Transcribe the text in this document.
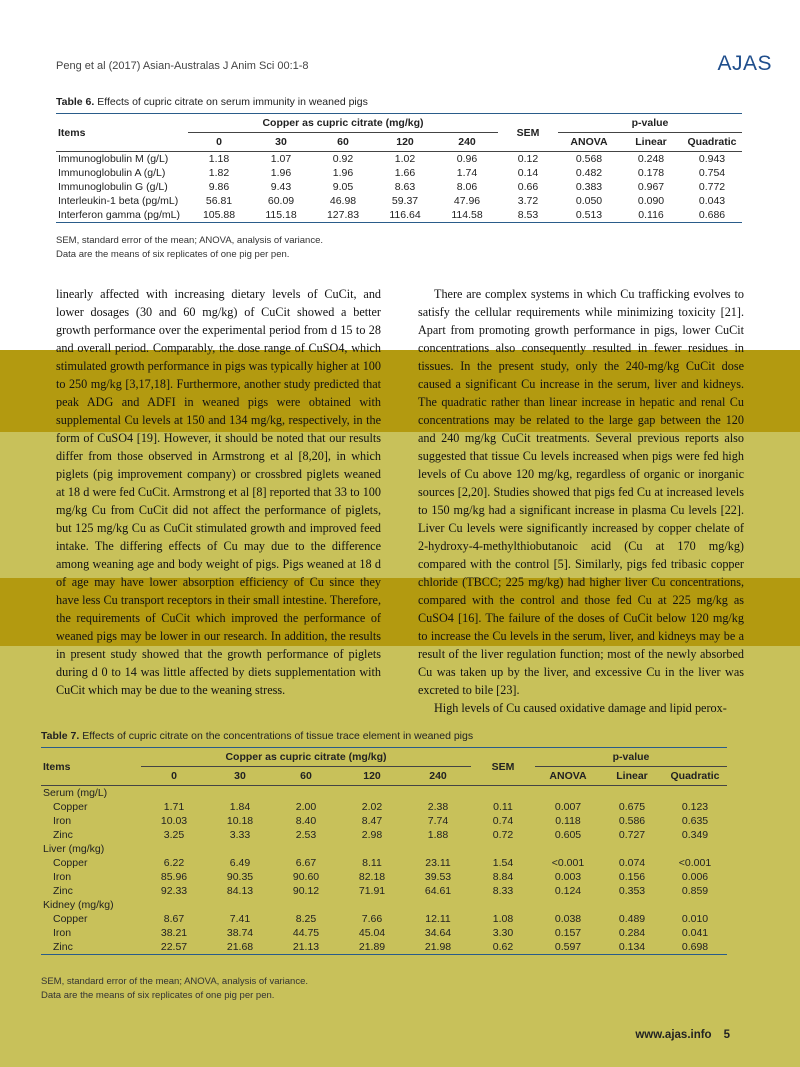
Peng et al (2017) Asian-Australas J Anim Sci 00:1-8	AJAS
Table 6. Effects of cupric citrate on serum immunity in weaned pigs
Items	Copper as cupric citrate (mg/kg)					SEM	p-value		
	0	30	60	120	240		ANOVA	Linear	Quadratic
Immunoglobulin M (g/L)	1.18	1.07	0.92	1.02	0.96	0.12	0.568	0.248	0.943
Immunoglobulin A (g/L)	1.82	1.96	1.96	1.66	1.74	0.14	0.482	0.178	0.754
Immunoglobulin G (g/L)	9.86	9.43	9.05	8.63	8.06	0.66	0.383	0.967	0.772
Interleukin-1 beta (pg/mL)	56.81	60.09	46.98	59.37	47.96	3.72	0.050	0.090	0.043
Interferon gamma (pg/mL)	105.88	115.18	127.83	116.64	114.58	8.53	0.513	0.116	0.686
SEM, standard error of the mean; ANOVA, analysis of variance.
Data are the means of six replicates of one pig per pen.

linearly affected with increasing dietary levels of CuCit, and lower dosages (30 and 60 mg/kg) of CuCit showed a better growth performance over the experimental period from d 15 to 28 and overall period. Comparably, the dose range of CuSO4, which stimulated growth performance in pigs was typically higher at 100 to 250 mg/kg [3,17,18]. Furthermore, another study predicted that peak ADG and ADFI in weaned pigs were obtained with supplemental Cu levels at 150 and 134 mg/kg, respectively, in the form of CuSO4 [19]. However, it should be noted that our results differ from those observed in Armstrong et al [8,20], in which piglets (pig improvement company) or crossbred piglets weaned at 18 d were fed CuCit. Armstrong et al [8] reported that 33 to 100 mg/kg Cu from CuCit did not affect the performance of piglets, but 125 mg/kg Cu as CuCit stimulated growth and improved feed intake. The differing effects of Cu may due to the difference among weaning age and body weight of pigs. Pigs weaned at 18 d of age may have lower absorption efficiency of Cu since they have less Cu transport receptors in their small intestine. Therefore, the requirements of CuCit which improved the performance of weaned pigs may be lower in our research. In addition, the results in present study showed that the growth performance of piglets during d 0 to 14 was little affected by diets supplementation with CuCit which may be due to the weaning stress.

There are complex systems in which Cu trafficking evolves to satisfy the cellular requirements while minimizing toxicity [21]. Apart from promoting growth performance in pigs, lower CuCit concentrations also consequently resulted in fewer residues in tissues. In the present study, only the 240-mg/kg CuCit dose caused a significant Cu increase in the serum, liver and kidneys. The quadratic rather than linear increase in hepatic and renal Cu concentrations may be related to the large gap between the 120 and 240 mg/kg CuCit treatments. Several previous reports also suggested that tissue Cu levels increased when pigs were fed high levels of Cu above 120 mg/kg, regardless of organic or inorganic sources [2,20]. Studies showed that pigs fed Cu at increased levels to 150 mg/kg had a significant increase in plasma Cu levels [22]. Liver Cu levels were significantly increased by copper chelate of 2-hydroxy-4-methylthiobutanoic acid (Cu at 170 mg/kg) compared with the control [5]. Similarly, pigs fed tribasic copper chloride (TBCC; 225 mg/kg) had higher liver Cu concentrations, compared with the control and those fed Cu at 225 mg/kg as CuSO4 [16]. The failure of the doses of CuCit below 120 mg/kg to increase the Cu levels in the serum, liver, and kidneys may be a result of the liver regulation function; most of the newly absorbed Cu was taken up by the liver, and excessive Cu in the liver was excreted to bile [23].

High levels of Cu caused oxidative damage and lipid perox-

Table 7. Effects of cupric citrate on the concentrations of tissue trace element in weaned pigs
Items	Copper as cupric citrate (mg/kg)					SEM	p-value		
	0	30	60	120	240		ANOVA	Linear	Quadratic
Serum (mg/L)									
Copper	1.71	1.84	2.00	2.02	2.38	0.11	0.007	0.675	0.123
Iron	10.03	10.18	8.40	8.47	7.74	0.74	0.118	0.586	0.635
Zinc	3.25	3.33	2.53	2.98	1.88	0.72	0.605	0.727	0.349
Liver (mg/kg)									
Copper	6.22	6.49	6.67	8.11	23.11	1.54	<0.001	0.074	<0.001
Iron	85.96	90.35	90.60	82.18	39.53	8.84	0.003	0.156	0.006
Zinc	92.33	84.13	90.12	71.91	64.61	8.33	0.124	0.353	0.859
Kidney (mg/kg)									
Copper	8.67	7.41	8.25	7.66	12.11	1.08	0.038	0.489	0.010
Iron	38.21	38.74	44.75	45.04	34.64	3.30	0.157	0.284	0.041
Zinc	22.57	21.68	21.13	21.89	21.98	0.62	0.597	0.134	0.698
SEM, standard error of the mean; ANOVA, analysis of variance.
Data are the means of six replicates of one pig per pen.
www.ajas.info 5
